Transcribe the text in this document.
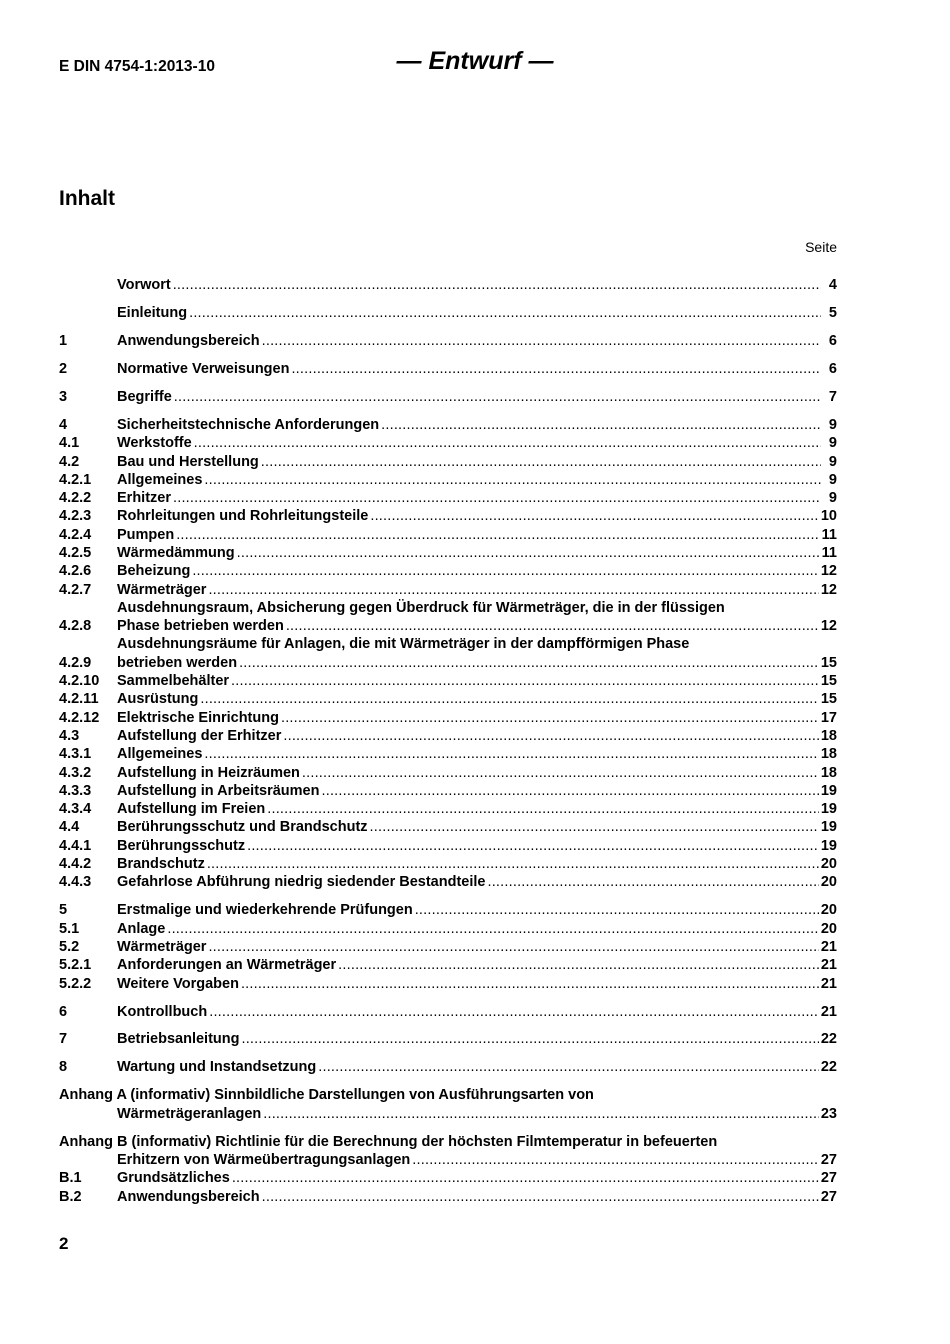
E DIN 4754-1:2013-10	— Entwurf —
Inhalt
Seite
Vorwort .....	4
Einleitung .....	5
1	Anwendungsbereich .....	6
2	Normative Verweisungen .....	6
3	Begriffe .....	7
4	Sicherheitstechnische Anforderungen .....	9
4.1	Werkstoffe .....	9
4.2	Bau und Herstellung .....	9
4.2.1	Allgemeines .....	9
4.2.2	Erhitzer .....	9
4.2.3	Rohrleitungen und Rohrleitungsteile .....	10
4.2.4	Pumpen .....	11
4.2.5	Wärmedämmung .....	11
4.2.6	Beheizung .....	12
4.2.7	Wärmeträger .....	12
4.2.8
Ausdehnungsraum, Absicherung gegen Überdruck für Wärmeträger, die in der flüssigen
Phase betrieben werden .....	12
4.2.9
Ausdehnungsräume für Anlagen, die mit Wärmeträger in der dampfförmigen Phase
betrieben werden .....	15
4.2.10	Sammelbehälter .....	15
4.2.11	Ausrüstung .....	15
4.2.12	Elektrische Einrichtung .....	17
4.3	Aufstellung der Erhitzer .....	18
4.3.1	Allgemeines .....	18
4.3.2	Aufstellung in Heizräumen .....	18
4.3.3	Aufstellung in Arbeitsräumen .....	19
4.3.4	Aufstellung im Freien .....	19
4.4	Berührungsschutz und Brandschutz .....	19
4.4.1	Berührungsschutz .....	19
4.4.2	Brandschutz .....	20
4.4.3	Gefahrlose Abführung niedrig siedender Bestandteile .....	20
5	Erstmalige und wiederkehrende Prüfungen .....	20
5.1	Anlage .....	20
5.2	Wärmeträger .....	21
5.2.1	Anforderungen an Wärmeträger .....	21
5.2.2	Weitere Vorgaben .....	21
6	Kontrollbuch .....	21
7	Betriebsanleitung .....	22
8	Wartung und Instandsetzung .....	22
Anhang A (informativ) Sinnbildliche Darstellungen von Ausführungsarten von
Wärmeträgeranlagen .....	23
Anhang B (informativ) Richtlinie für die Berechnung der höchsten Filmtemperatur in befeuerten
Erhitzern von Wärmeübertragungsanlagen .....	27
B.1	Grundsätzliches .....	27
B.2	Anwendungsbereich .....	27
2
